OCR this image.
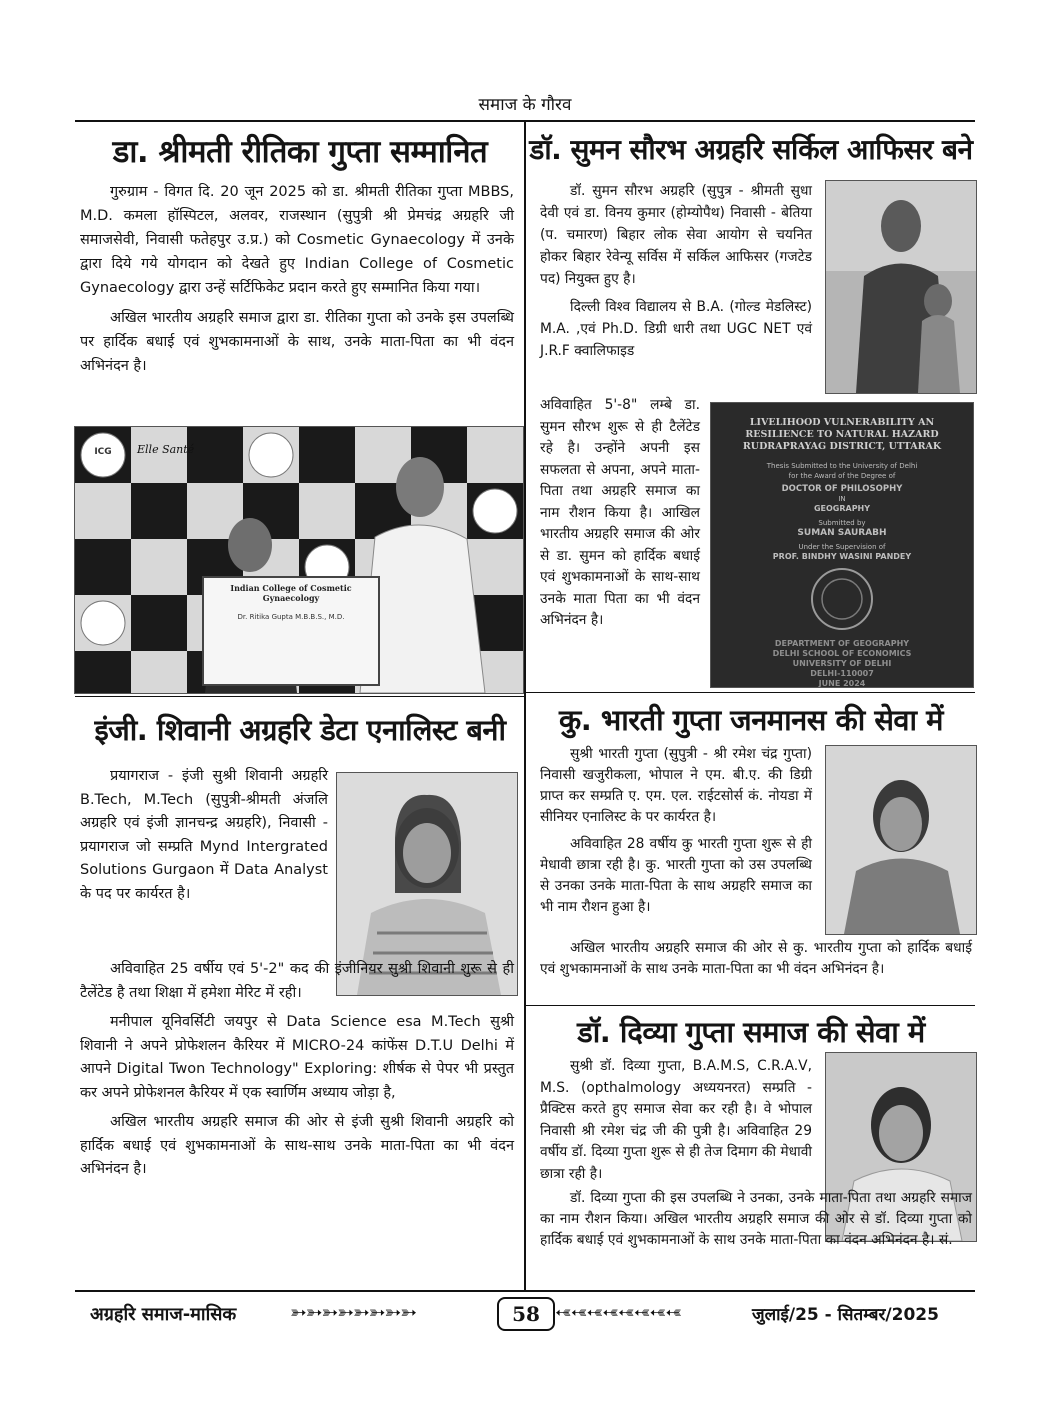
समाज के गौरव
डा. श्रीमती रीतिका गुप्ता सम्मानित

गुरुग्राम - विगत दि. 20 जून 2025 को डा. श्रीमती रीतिका गुप्ता MBBS, M.D. कमला हॉस्पिटल, अलवर, राजस्थान (सुपुत्री श्री प्रेमचंद्र अग्रहरि जी समाजसेवी, निवासी फतेहपुर उ.प्र.) को Cosmetic Gynaecology में उनके द्वारा दिये गये योगदान को देखते हुए Indian College of Cosmetic Gynaecology द्वारा उन्हें सर्टिफिकेट प्रदान करते हुए सम्मानित किया गया।

अखिल भारतीय अग्रहरि समाज द्वारा डा. रीतिका गुप्ता को उनके इस उपलब्धि पर हार्दिक बधाई एवं शुभकामनाओं के साथ, उनके माता-पिता का भी वंदन अभिनंदन है।

Elle Santé
ICG
Indian College of Cosmetic Gynaecology
Dr. Ritika Gupta M.B.B.S., M.D.
डॉ. सुमन सौरभ अग्रहरि सर्किल आफिसर बने

डॉ. सुमन सौरभ अग्रहरि (सुपुत्र - श्रीमती सुधा देवी एवं डा. विनय कुमार (होम्योपैथ) निवासी - बेतिया (प. चमारण) बिहार लोक सेवा आयोग से चयनित होकर बिहार रेवेन्यू सर्विस में सर्किल आफिसर (गजटेड पद) नियुक्त हुए है।

दिल्ली विश्व विद्यालय से B.A. (गोल्ड मेडलिस्ट) M.A. ,एवं Ph.D. डिग्री धारी तथा UGC NET एवं J.R.F क्वालिफाइड

अविवाहित 5'-8" लम्बे डा. सुमन सौरभ शुरू से ही टैलेंटेड रहे है। उन्होंने अपनी इस सफलता से अपना, अपने माता-पिता तथा अग्रहरि समाज का नाम रौशन किया है। आखिल भारतीय अग्रहरि समाज की ओर से डा. सुमन को हार्दिक बधाई एवं शुभकामनाओं के साथ-साथ उनके माता पिता का भी वंदन अभिनंदन है।

LIVELIHOOD VULNERABILITY AN
RESILIENCE TO NATURAL HAZARD
RUDRAPRAYAG DISTRICT, UTTARAK
Thesis Submitted to the University of Delhi
for the Award of the Degree of
DOCTOR OF PHILOSOPHY
IN
GEOGRAPHY
Submitted by
SUMAN SAURABH
Under the Supervision of
PROF. BINDHY WASINI PANDEY
DEPARTMENT OF GEOGRAPHY
DELHI SCHOOL OF ECONOMICS
UNIVERSITY OF DELHI
DELHI-110007
JUNE 2024
इंजी. शिवानी अग्रहरि डेटा एनालिस्ट बनी

प्रयागराज - इंजी सुश्री शिवानी अग्रहरि B.Tech, M.Tech (सुपुत्री-श्रीमती अंजलि अग्रहरि एवं इंजी ज्ञानचन्द्र अग्रहरि), निवासी - प्रयागराज जो सम्प्रति Mynd Intergrated Solutions Gurgaon में Data Analyst के पद पर कार्यरत है।

अविवाहित 25 वर्षीय एवं 5'-2" कद की इंजीनियर सुश्री शिवानी शुरू से ही टैलेंटेड है तथा शिक्षा में हमेशा मेरिट में रही।

मनीपाल यूनिवर्सिटी जयपुर से Data Science esa M.Tech सुश्री शिवानी ने अपने प्रोफेशलन कैरियर में MICRO-24 कांफेंस D.T.U Delhi में आपने Digital Twon Technology" Exploring: शीर्षक से पेपर भी प्रस्तुत कर अपने प्रोफेशनल कैरियर में एक स्वार्णिम अध्याय जोड़ा है,

अखिल भारतीय अग्रहरि समाज की ओर से इंजी सुश्री शिवानी अग्रहरि को हार्दिक बधाई एवं शुभकामनाओं के साथ-साथ उनके माता-पिता का भी वंदन अभिनंदन है।

कु. भारती गुप्ता जनमानस की सेवा में

सुश्री भारती गुप्ता (सुपुत्री - श्री रमेश चंद्र गुप्ता) निवासी खजुरीकला, भोपाल ने एम. बी.ए. की डिग्री प्राप्त कर सम्प्रति ए. एम. एल. राईटसोर्स कं. नोयडा में सीनियर एनालिस्ट के पर कार्यरत है।

अविवाहित 28 वर्षीय कु भारती गुप्ता शुरू से ही मेधावी छात्रा रही है। कु. भारती गुप्ता को उस उपलब्धि से उनका उनके माता-पिता के साथ अग्रहरि समाज का भी नाम रौशन हुआ है।

अखिल भारतीय अग्रहरि समाज की ओर से कु. भारतीय गुप्ता को हार्दिक बधाई एवं शुभकामनाओं के साथ उनके माता-पिता का भी वंदन अभिनंदन है।

डॉ. दिव्या गुप्ता समाज की सेवा में

सुश्री डॉ. दिव्या गुप्ता, B.A.M.S, C.R.A.V, M.S. (opthalmology अध्ययनरत) सम्प्रति - प्रैक्टिस करते हुए समाज सेवा कर रही है। वे भोपाल निवासी श्री रमेश चंद्र जी की पुत्री है। अविवाहित 29 वर्षीय डॉ. दिव्या गुप्ता शुरू से ही तेज दिमाग की मेधावी छात्रा रही है।

डॉ. दिव्या गुप्ता की इस उपलब्धि ने उनका, उनके माता-पिता तथा अग्रहरि समाज का नाम रौशन किया। अखिल भारतीय अग्रहरि समाज की ओर से डॉ. दिव्या गुप्ता को हार्दिक बधाई एवं शुभकामनाओं के साथ उनके माता-पिता का वंदन अभिनंदन है। सं.

अग्रहरि समाज-मासिक	➳➳➳➳➳➳➳➳	58 ➳➳➳➳➳➳➳➳	जुलाई/25 - सितम्बर/2025
